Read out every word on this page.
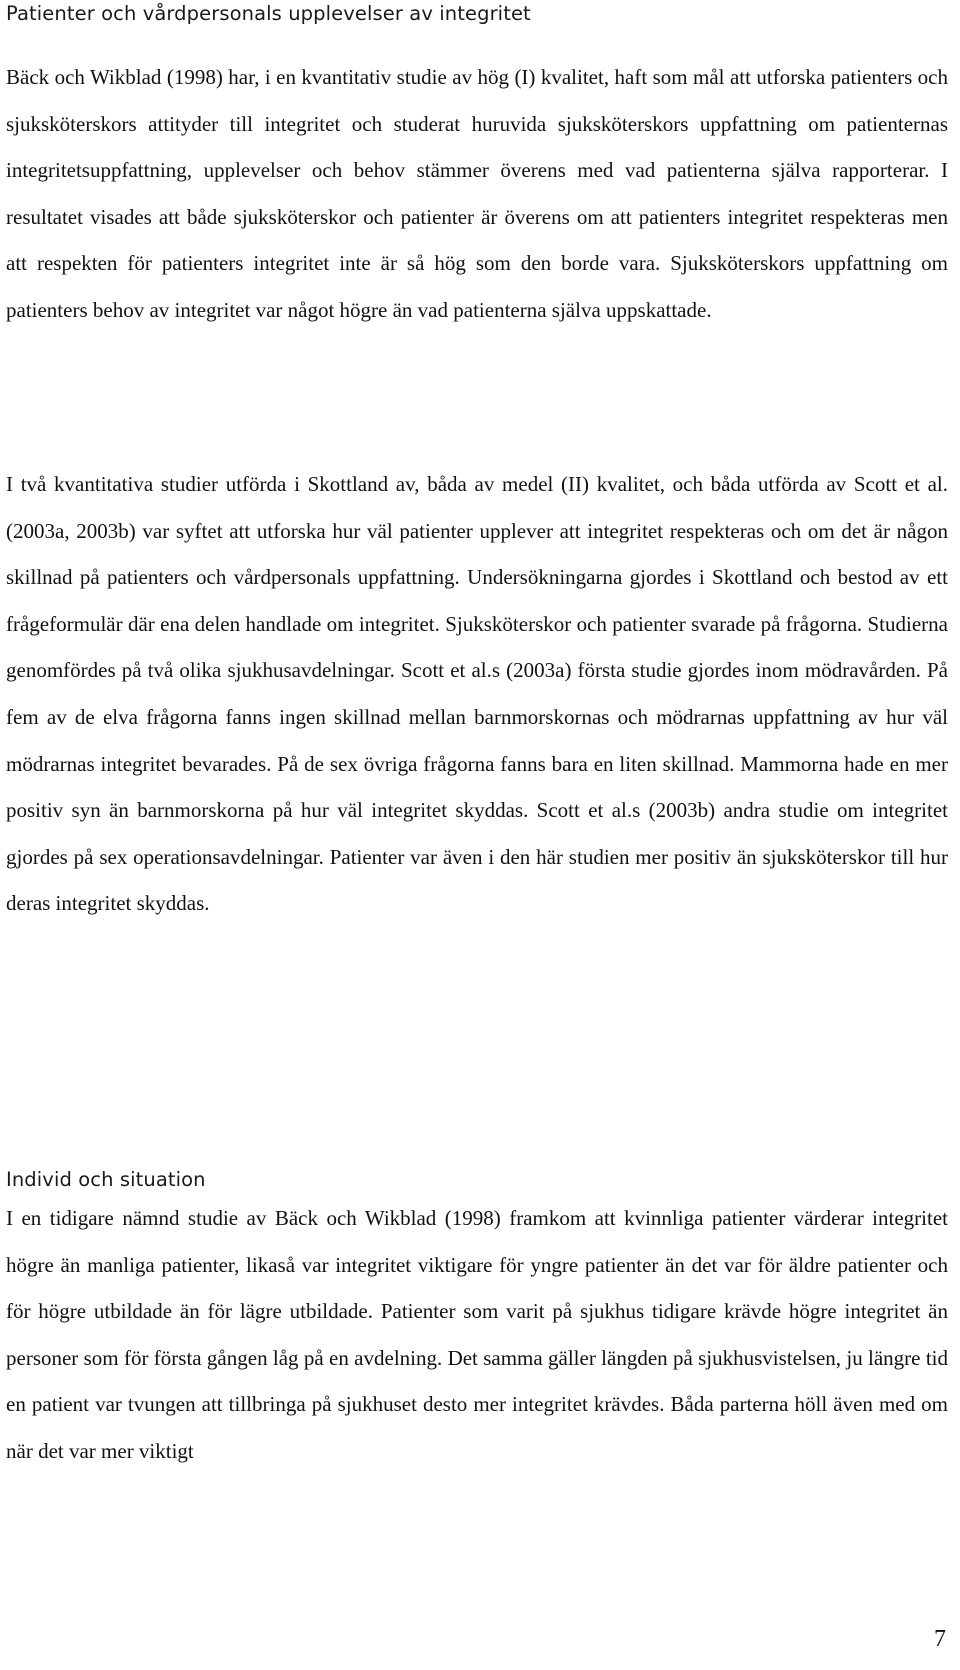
Patienter och vårdpersonals upplevelser av integritet

Bäck och Wikblad (1998) har, i en kvantitativ studie av hög (I) kvalitet, haft som mål att utforska patienters och sjuksköterskors attityder till integritet och studerat huruvida sjuksköterskors uppfattning om patienternas integritetsuppfattning, upplevelser och behov stämmer överens med vad patienterna själva rapporterar. I resultatet visades att både sjuksköterskor och patienter är överens om att patienters integritet respekteras men att respekten för patienters integritet inte är så hög som den borde vara. Sjuksköterskors uppfattning om patienters behov av integritet var något högre än vad patienterna själva uppskattade.

I två kvantitativa studier utförda i Skottland av, båda av medel (II) kvalitet, och båda utförda av Scott et al.(2003a, 2003b) var syftet att utforska hur väl patienter upplever att integritet respekteras och om det är någon skillnad på patienters och vårdpersonals uppfattning. Undersökningarna gjordes i Skottland och bestod av ett frågeformulär där ena delen handlade om integritet. Sjuksköterskor och patienter svarade på frågorna. Studierna genomfördes på två olika sjukhusavdelningar. Scott et al.s (2003a) första studie gjordes inom mödravården. På fem av de elva frågorna fanns ingen skillnad mellan barnmorskornas och mödrarnas uppfattning av hur väl mödrarnas integritet bevarades. På de sex övriga frågorna fanns bara en liten skillnad. Mammorna hade en mer positiv syn än barnmorskorna på hur väl integritet skyddas. Scott et al.s (2003b) andra studie om integritet gjordes på sex operationsavdelningar. Patienter var även i den här studien mer positiv än sjuksköterskor till hur deras integritet skyddas.

Individ och situation

I en tidigare nämnd studie av Bäck och Wikblad (1998) framkom att kvinnliga patienter värderar integritet högre än manliga patienter, likaså var integritet viktigare för yngre patienter än det var för äldre patienter och för högre utbildade än för lägre utbildade. Patienter som varit på sjukhus tidigare krävde högre integritet än personer som för första gången låg på en avdelning. Det samma gäller längden på sjukhusvistelsen, ju längre tid en patient var tvungen att tillbringa på sjukhuset desto mer integritet krävdes. Båda parterna höll även med om när det var mer viktigt

7
